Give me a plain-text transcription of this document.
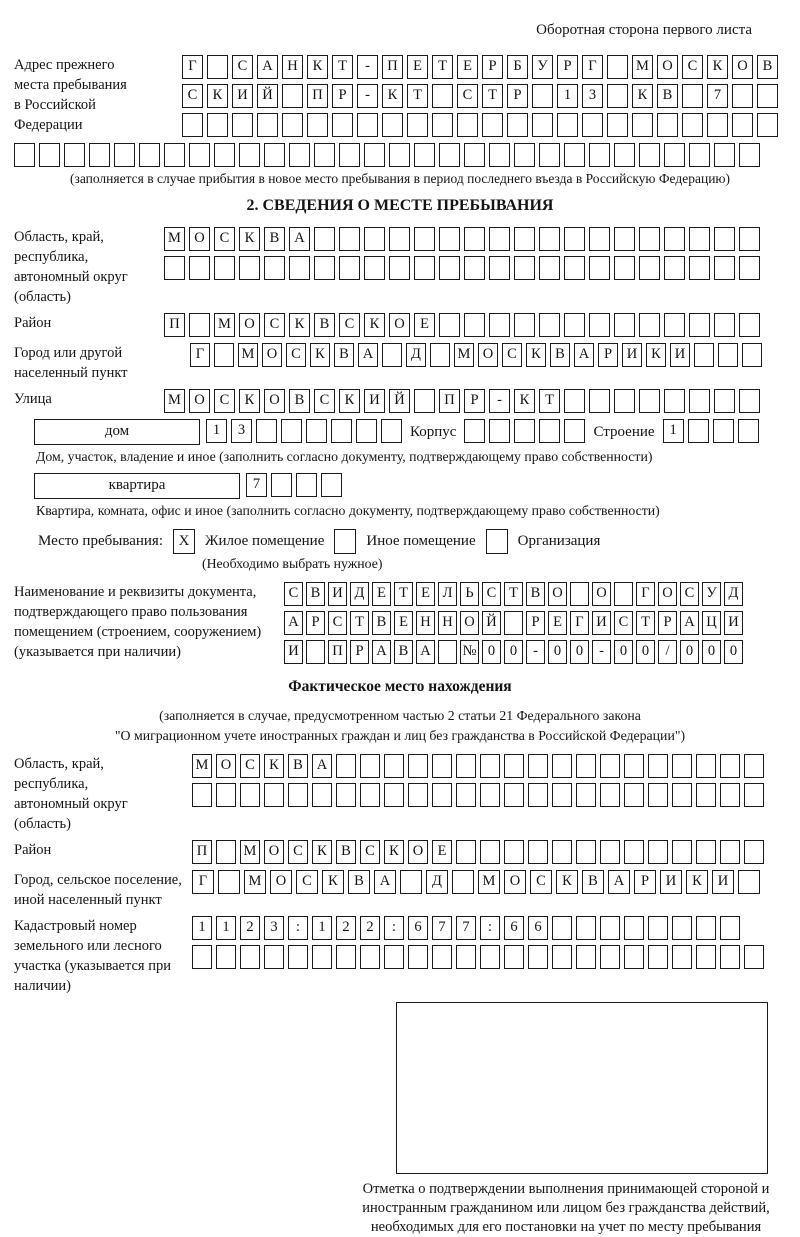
Оборотная сторона первого листа
Адрес прежнего места пребывания в Российской Федерации
Г	С	А	Н	К	Т	-	П	Е	Т	Е	Р	Б	У	Р	Г	М О	С	К	О	В
С	К	И	Й	П	Р	-	К	Т	С	Т	Р	1	3	К	В	7
(заполняется в случае прибытия в новое место пребывания в период последнего въезда в Российскую Федерацию)
2. СВЕДЕНИЯ О МЕСТЕ ПРЕБЫВАНИЯ
Область, край, республика, автономный округ (область)
М О	С	К	В	А
Район	П	М О	С	К	В	С	К	О	Е
Город или другой населенный пункт
Г	М О С К В А	Д	М О С К В А	Р	И К И
Улица	М О	С	К	О	В	С	К	И	Й	П	Р	-	К	Т
дом	1	3	Корпус	Строение	1
Дом, участок, владение и иное (заполнить согласно документу, подтверждающему право собственности)
квартира	7
Квартира, комната, офис и иное (заполнить согласно документу, подтверждающему право собственности)
Место пребывания:	X	Жилое помещение	Иное помещение	Организация
(Необходимо выбрать нужное)
Наименование и реквизиты документа, подтверждающего право пользования помещением (строением, сооружением) (указывается при наличии)
С В И Д Е Т Е Л Ь С Т В О О	Г О С У Д
А Р С Т В Е Н Н О Й	Р Е Г И С Т Р А Ц И
И П Р А В А № 0	0	-	0	0	-	0	0	/	0	0	0
Фактическое место нахождения
(заполняется в случае, предусмотренном частью 2 статьи 21 Федерального закона
"О миграционном учете иностранных граждан и лиц без гражданства в Российской Федерации")
Область, край, республика, автономный округ (область)
М О С К В А
Район	П	М О С К В С К О Е
Город, сельское поселение, иной населенный пункт
Г	М О	С	К	В	А	Д	М О	С	К	В	А	Р	И	К	И
Кадастровый номер земельного или лесного участка (указывается при наличии)
1	1	2	3	:	1	2	2	:	6	7	7	:	6	6
Отметка о подтверждении выполнения принимающей стороной и иностранным гражданином или лицом без гражданства действий, необходимых для его постановки на учет по месту пребывания
